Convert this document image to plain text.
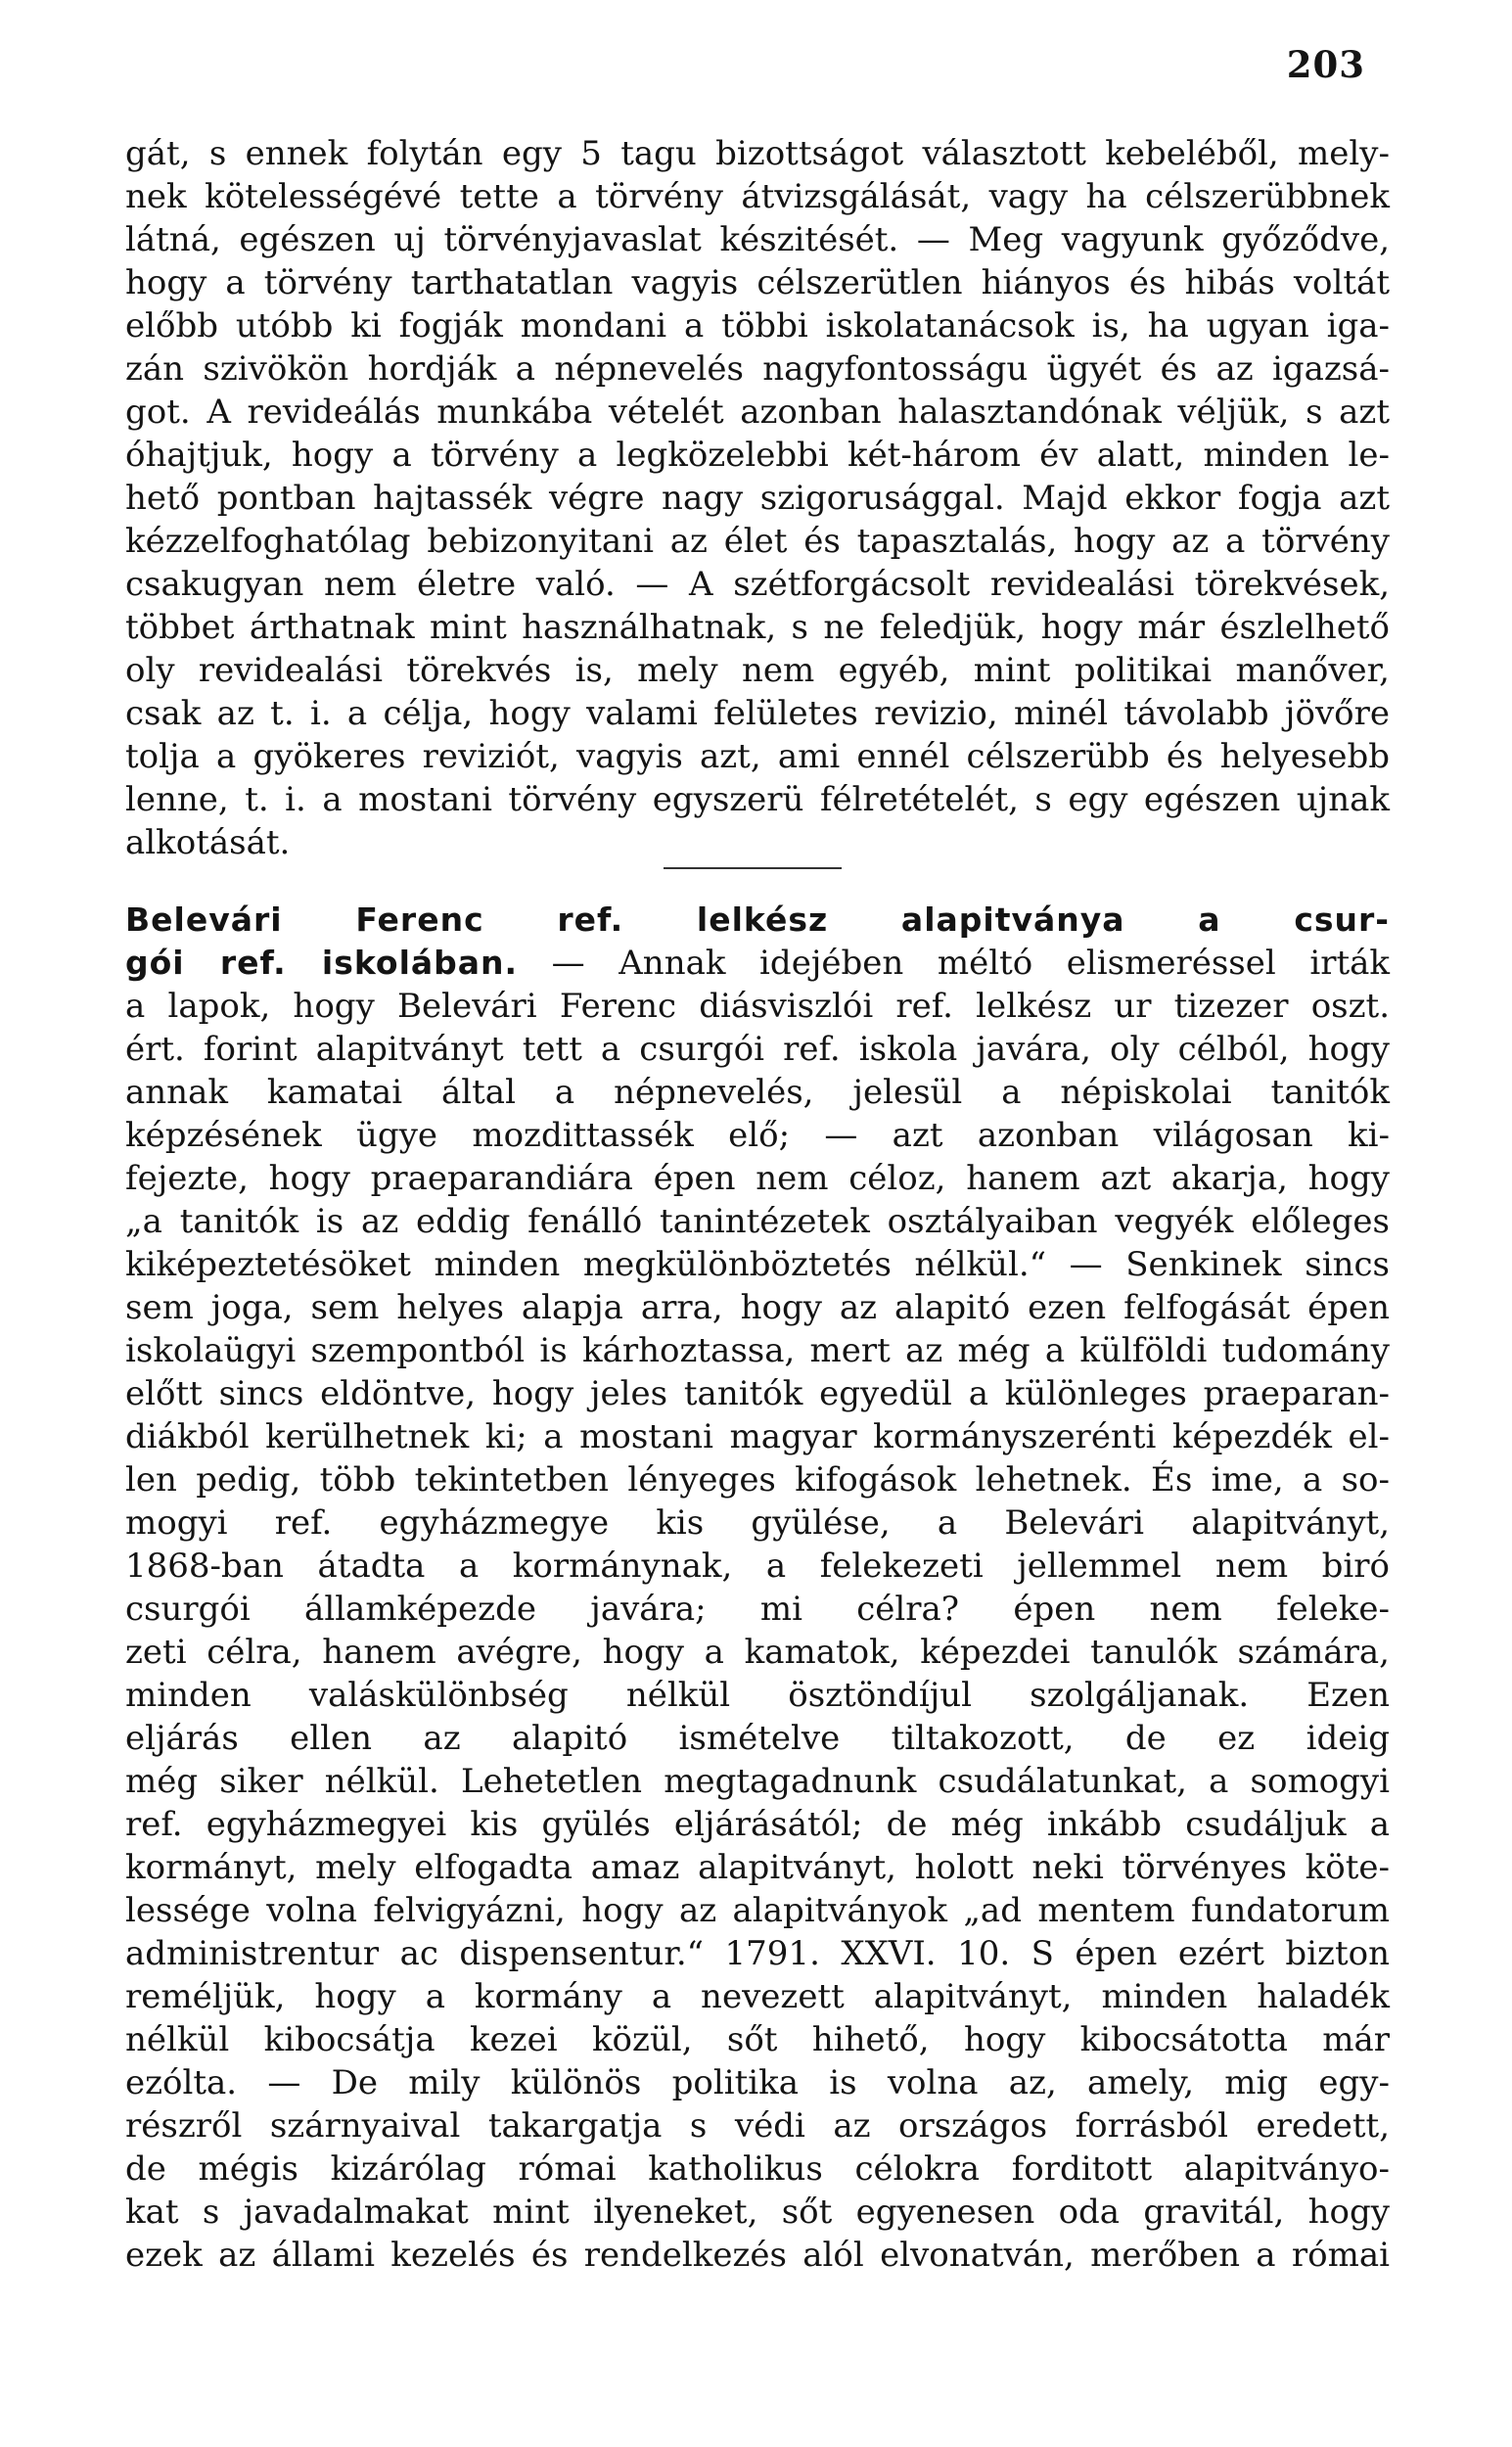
203
gát, s ennek folytán egy 5 tagu bizottságot választott kebeléből, mely-
nek kötelességévé tette a törvény átvizsgálását, vagy ha célszerübbnek
látná, egészen uj törvényjavaslat készitését. — Meg vagyunk győződve,
hogy a törvény tarthatatlan vagyis célszerütlen hiányos és hibás voltát
előbb utóbb ki fogják mondani a többi iskolatanácsok is, ha ugyan iga-
zán szivökön hordják a népnevelés nagyfontosságu ügyét és az igazsá-
got. A revideálás munkába vételét azonban halasztandónak véljük, s azt
óhajtjuk, hogy a törvény a legközelebbi két-három év alatt, minden le-
hető pontban hajtassék végre nagy szigorusággal. Majd ekkor fogja azt
kézzelfoghatólag bebizonyitani az élet és tapasztalás, hogy az a törvény
csakugyan nem életre való. — A szétforgácsolt revidealási törekvések,
többet árthatnak mint használhatnak, s ne feledjük, hogy már észlelhető
oly revidealási törekvés is, mely nem egyéb, mint politikai manőver,
csak az t. i. a célja, hogy valami felületes revizio, minél távolabb jövőre
tolja a gyökeres reviziót, vagyis azt, ami ennél célszerübb és helyesebb
lenne, t. i. a mostani törvény egyszerü félretételét, s egy egészen ujnak
alkotását.
Belevári Ferenc ref. lelkész alapitványa a csur-
gói ref. iskolában. — Annak idejében méltó elismeréssel irták
a lapok, hogy Belevári Ferenc diásviszlói ref. lelkész ur tizezer oszt.
ért. forint alapitványt tett a csurgói ref. iskola javára, oly célból, hogy
annak kamatai által a népnevelés, jelesül a népiskolai tanitók
képzésének ügye mozdittassék elő; — azt azonban világosan ki-
fejezte, hogy praeparandiára épen nem céloz, hanem azt akarja, hogy
„a tanitók is az eddig fenálló tanintézetek osztályaiban vegyék előleges
kiképeztetésöket minden megkülönböztetés nélkül.“ — Senkinek sincs
sem joga, sem helyes alapja arra, hogy az alapitó ezen felfogását épen
iskolaügyi szempontból is kárhoztassa, mert az még a külföldi tudomány
előtt sincs eldöntve, hogy jeles tanitók egyedül a különleges praeparan-
diákból kerülhetnek ki; a mostani magyar kormányszerénti képezdék el-
len pedig, több tekintetben lényeges kifogások lehetnek. És ime, a so-
mogyi ref. egyházmegye kis gyülése, a Belevári alapitványt,
1868-ban átadta a kormánynak, a felekezeti jellemmel nem biró
csurgói államképezde javára; mi célra? épen nem feleke-
zeti célra, hanem avégre, hogy a kamatok, képezdei tanulók számára,
minden valáskülönbség nélkül ösztöndíjul szolgáljanak. Ezen
eljárás ellen az alapitó ismételve tiltakozott, de ez ideig
még siker nélkül. Lehetetlen megtagadnunk csudálatunkat, a somogyi
ref. egyházmegyei kis gyülés eljárásától; de még inkább csudáljuk a
kormányt, mely elfogadta amaz alapitványt, holott neki törvényes köte-
lessége volna felvigyázni, hogy az alapitványok „ad mentem fundatorum
administrentur ac dispensentur.“ 1791. XXVI. 10. S épen ezért bizton
reméljük, hogy a kormány a nevezett alapitványt, minden haladék
nélkül kibocsátja kezei közül, sőt hihető, hogy kibocsátotta már
ezólta. — De mily különös politika is volna az, amely, mig egy-
részről szárnyaival takargatja s védi az országos forrásból eredett,
de mégis kizárólag római katholikus célokra forditott alapitványo-
kat s javadalmakat mint ilyeneket, sőt egyenesen oda gravitál, hogy
ezek az állami kezelés és rendelkezés alól elvonatván, merőben a római
